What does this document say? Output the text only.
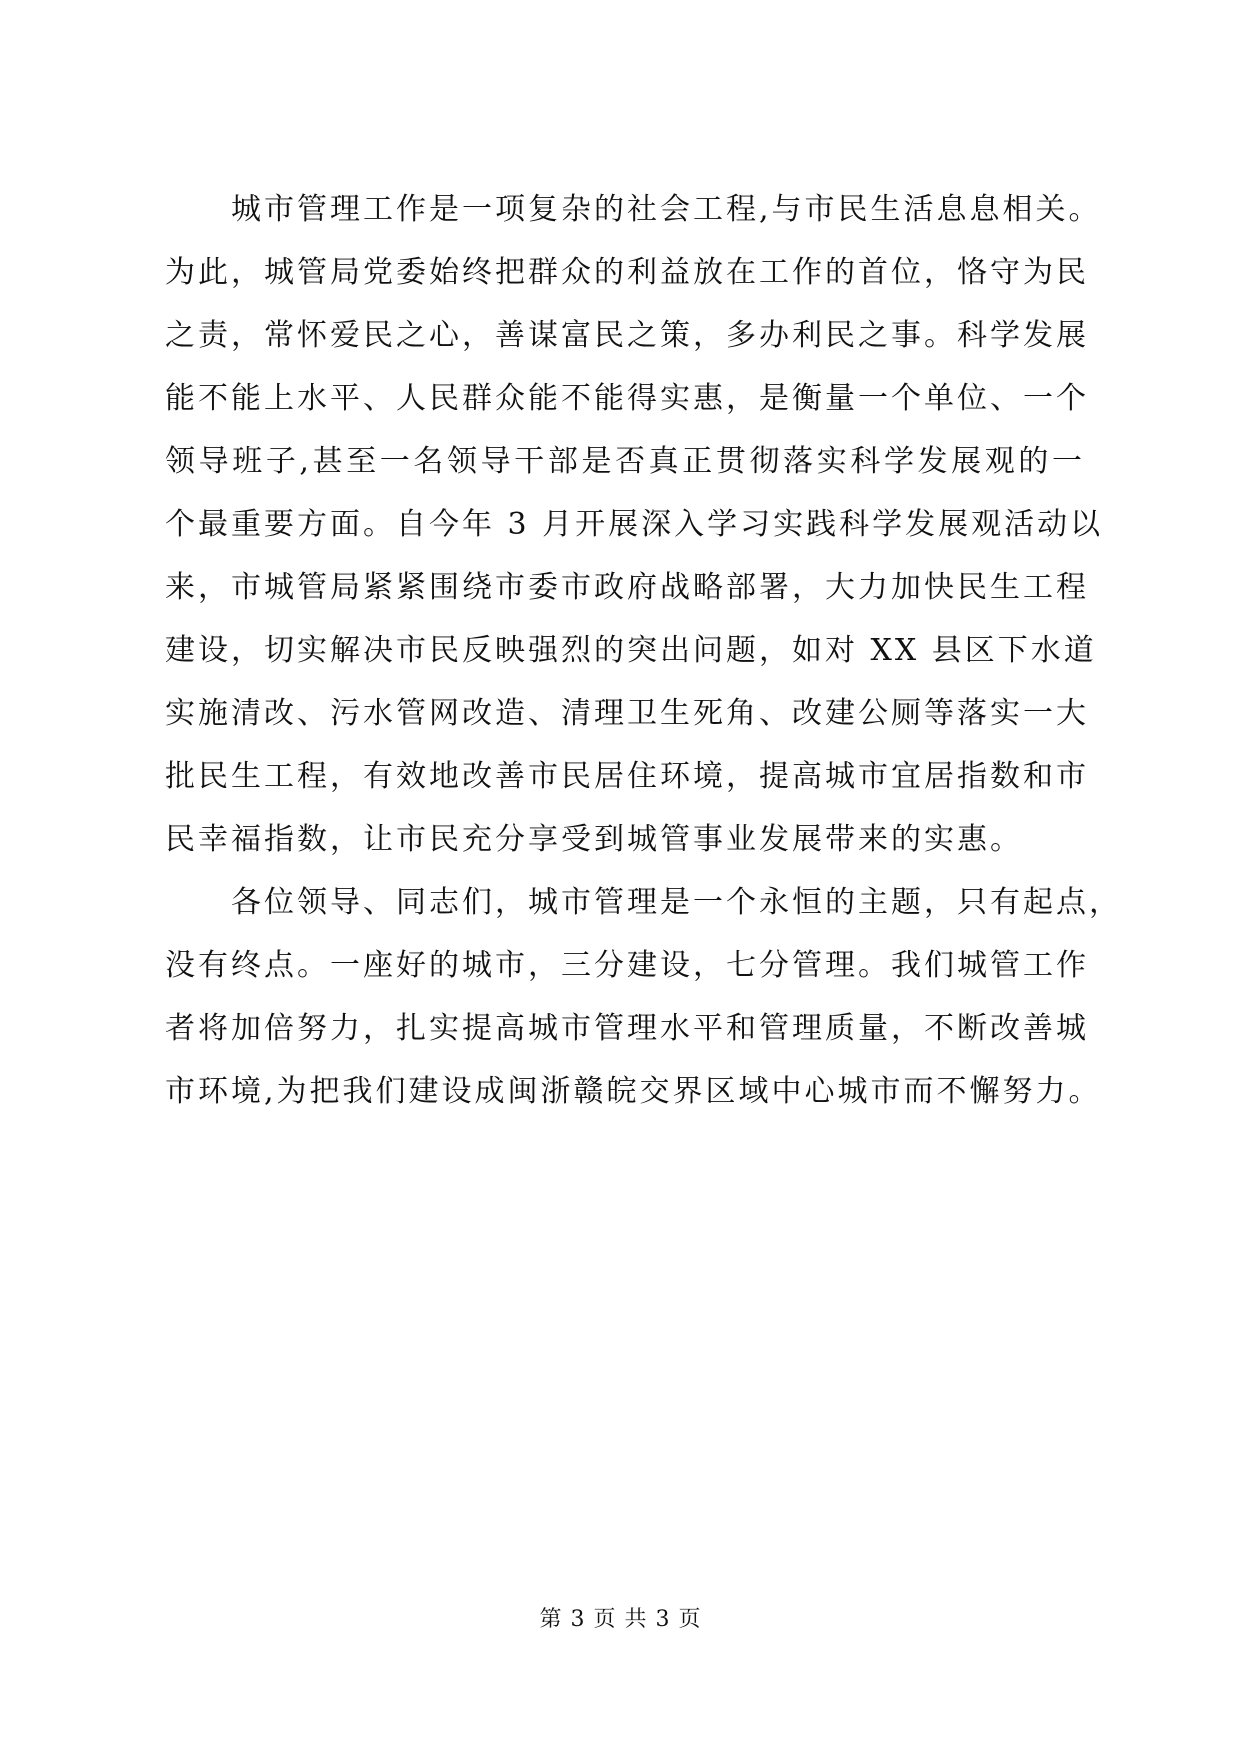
城市管理工作是一项复杂的社会工程,与市民生活息息相关。
为此，城管局党委始终把群众的利益放在工作的首位，恪守为民
之责，常怀爱民之心，善谋富民之策，多办利民之事。科学发展
能不能上水平、人民群众能不能得实惠，是衡量一个单位、一个
领导班子,甚至一名领导干部是否真正贯彻落实科学发展观的一
个最重要方面。自今年 3 月开展深入学习实践科学发展观活动以
来，市城管局紧紧围绕市委市政府战略部署，大力加快民生工程
建设，切实解决市民反映强烈的突出问题，如对 XX 县区下水道
实施清改、污水管网改造、清理卫生死角、改建公厕等落实一大
批民生工程，有效地改善市民居住环境，提高城市宜居指数和市
民幸福指数，让市民充分享受到城管事业发展带来的实惠。
各位领导、同志们，城市管理是一个永恒的主题，只有起点，
没有终点。一座好的城市，三分建设，七分管理。我们城管工作
者将加倍努力，扎实提高城市管理水平和管理质量，不断改善城
市环境,为把我们建设成闽浙赣皖交界区域中心城市而不懈努力。
第 3 页 共 3 页
